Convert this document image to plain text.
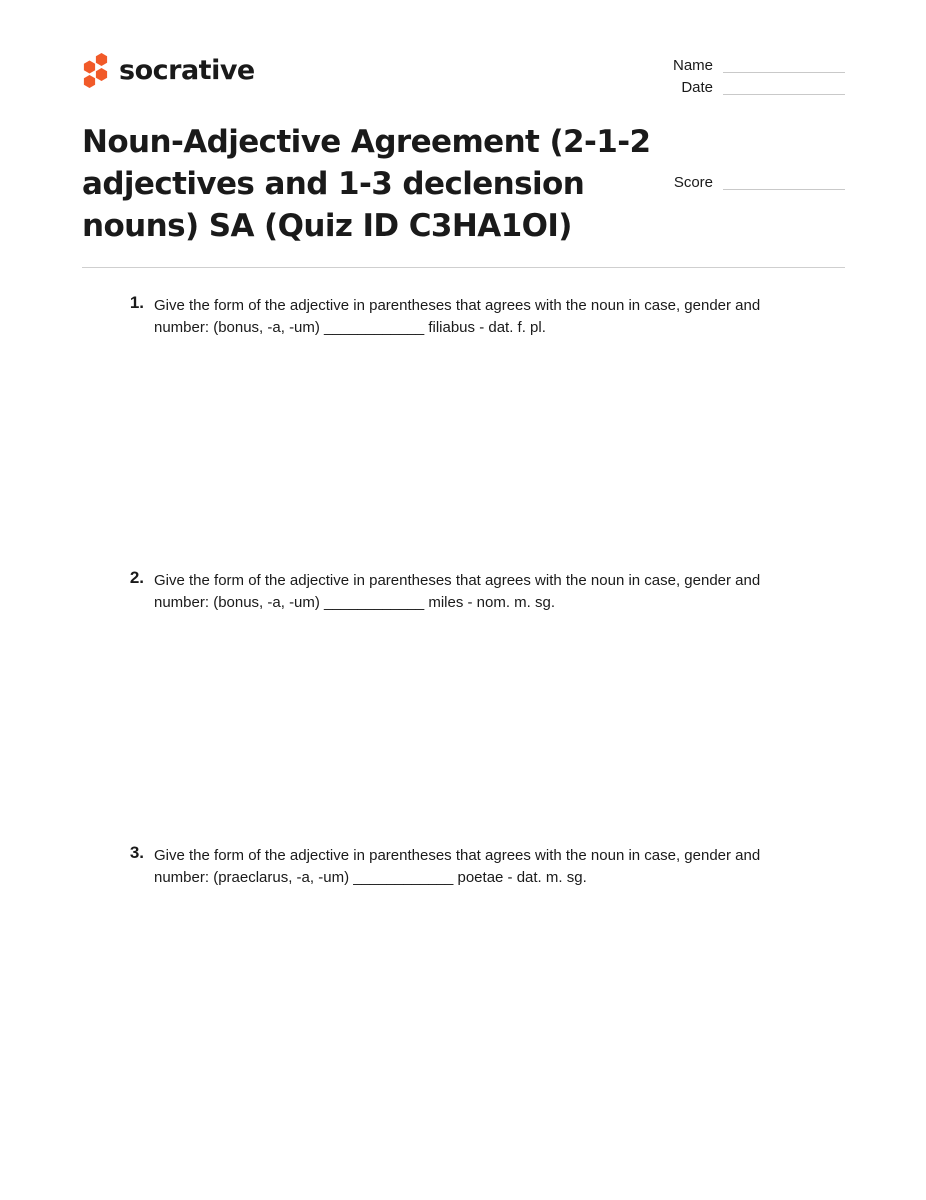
socrative	Name
Date
Score
Noun-Adjective Agreement (2-1-2 adjectives and 1-3 declension nouns) SA (Quiz ID C3HA1OI)
1. Give the form of the adjective in parentheses that agrees with the noun in case, gender and number: (bonus, -a, -um) ____________ filiabus - dat. f. pl.

2. Give the form of the adjective in parentheses that agrees with the noun in case, gender and number: (bonus, -a, -um) ____________ miles - nom. m. sg.

3. Give the form of the adjective in parentheses that agrees with the noun in case, gender and number: (praeclarus, -a, -um) ____________ poetae - dat. m. sg.
